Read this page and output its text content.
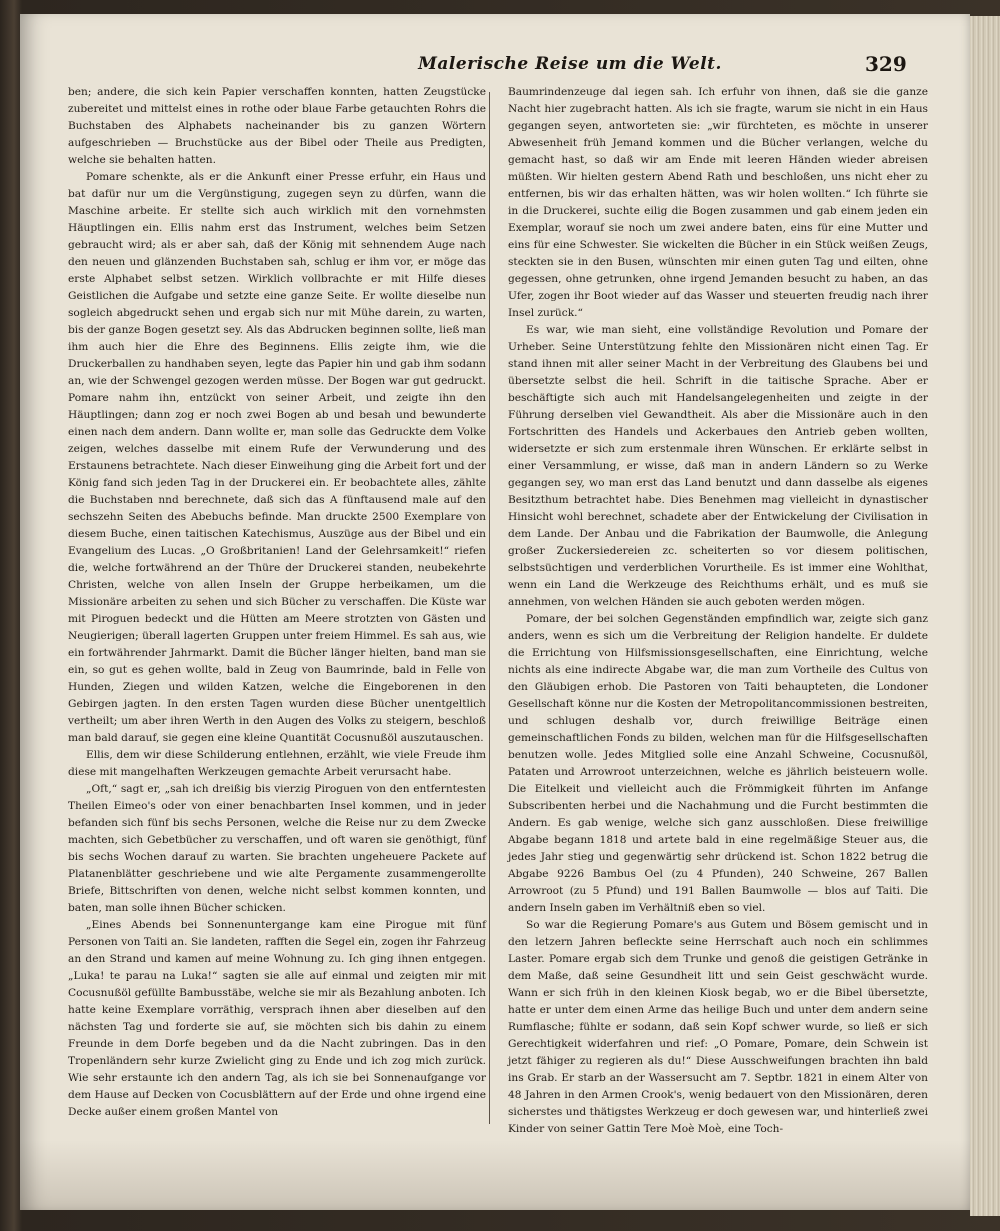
Malerische Reise um die Welt.	329

ben; andere, die sich kein Papier verschaffen konnten, hatten Zeugstücke zubereitet und mittelst eines in rothe oder blaue Farbe getauchten Rohrs die Buchstaben des Alphabets nacheinander bis zu ganzen Wörtern aufgeschrieben — Bruchstücke aus der Bibel oder Theile aus Predigten, welche sie behalten hatten.

Pomare schenkte, als er die Ankunft einer Presse erfuhr, ein Haus und bat dafür nur um die Vergünstigung, zugegen seyn zu dürfen, wann die Maschine arbeite. Er stellte sich auch wirklich mit den vornehmsten Häuptlingen ein. Ellis nahm erst das Instrument, welches beim Setzen gebraucht wird; als er aber sah, daß der König mit sehnendem Auge nach den neuen und glänzenden Buchstaben sah, schlug er ihm vor, er möge das erste Alphabet selbst setzen. Wirklich vollbrachte er mit Hilfe dieses Geistlichen die Aufgabe und setzte eine ganze Seite. Er wollte dieselbe nun sogleich abgedruckt sehen und ergab sich nur mit Mühe darein, zu warten, bis der ganze Bogen gesetzt sey. Als das Abdrucken beginnen sollte, ließ man ihm auch hier die Ehre des Beginnens. Ellis zeigte ihm, wie die Druckerballen zu handhaben seyen, legte das Papier hin und gab ihm sodann an, wie der Schwengel gezogen werden müsse. Der Bogen war gut gedruckt. Pomare nahm ihn, entzückt von seiner Arbeit, und zeigte ihn den Häuptlingen; dann zog er noch zwei Bogen ab und besah und bewunderte einen nach dem andern. Dann wollte er, man solle das Gedruckte dem Volke zeigen, welches dasselbe mit einem Rufe der Verwunderung und des Erstaunens betrachtete. Nach dieser Einweihung ging die Arbeit fort und der König fand sich jeden Tag in der Druckerei ein. Er beobachtete alles, zählte die Buchstaben nnd berechnete, daß sich das A fünftausend male auf den sechszehn Seiten des Abebuchs befinde. Man druckte 2500 Exemplare von diesem Buche, einen taitischen Katechismus, Auszüge aus der Bibel und ein Evangelium des Lucas. „O Großbritanien! Land der Gelehrsamkeit!“ riefen die, welche fortwährend an der Thüre der Druckerei standen, neubekehrte Christen, welche von allen Inseln der Gruppe herbeikamen, um die Missionäre arbeiten zu sehen und sich Bücher zu verschaffen. Die Küste war mit Piroguen bedeckt und die Hütten am Meere strotzten von Gästen und Neugierigen; überall lagerten Gruppen unter freiem Himmel. Es sah aus, wie ein fortwährender Jahrmarkt. Damit die Bücher länger hielten, band man sie ein, so gut es gehen wollte, bald in Zeug von Baumrinde, bald in Felle von Hunden, Ziegen und wilden Katzen, welche die Eingeborenen in den Gebirgen jagten. In den ersten Tagen wurden diese Bücher unentgeltlich vertheilt; um aber ihren Werth in den Augen des Volks zu steigern, beschloß man bald darauf, sie gegen eine kleine Quantität Cocusnußöl auszutauschen.

Ellis, dem wir diese Schilderung entlehnen, erzählt, wie viele Freude ihm diese mit mangelhaften Werkzeugen gemachte Arbeit verursacht habe.

„Oft,“ sagt er, „sah ich dreißig bis vierzig Piroguen von den entferntesten Theilen Eimeo's oder von einer benachbarten Insel kommen, und in jeder befanden sich fünf bis sechs Personen, welche die Reise nur zu dem Zwecke machten, sich Gebetbücher zu verschaffen, und oft waren sie genöthigt, fünf bis sechs Wochen darauf zu warten. Sie brachten ungeheuere Packete auf Platanenblätter geschriebene und wie alte Pergamente zusammengerollte Briefe, Bittschriften von denen, welche nicht selbst kommen konnten, und baten, man solle ihnen Bücher schicken.

„Eines Abends bei Sonnenuntergange kam eine Pirogue mit fünf Personen von Taiti an. Sie landeten, rafften die Segel ein, zogen ihr Fahrzeug an den Strand und kamen auf meine Wohnung zu. Ich ging ihnen entgegen. „Luka! te parau na Luka!“ sagten sie alle auf einmal und zeigten mir mit Cocusnußöl gefüllte Bambusstäbe, welche sie mir als Bezahlung anboten. Ich hatte keine Exemplare vorräthig, versprach ihnen aber dieselben auf den nächsten Tag und forderte sie auf, sie möchten sich bis dahin zu einem Freunde in dem Dorfe begeben und da die Nacht zubringen. Das in den Tropenländern sehr kurze Zwielicht ging zu Ende und ich zog mich zurück. Wie sehr erstaunte ich den andern Tag, als ich sie bei Sonnenaufgange vor dem Hause auf Decken von Cocusblättern auf der Erde und ohne irgend eine Decke außer einem großen Mantel von

Baumrindenzeuge dal iegen sah. Ich erfuhr von ihnen, daß sie die ganze Nacht hier zugebracht hatten. Als ich sie fragte, warum sie nicht in ein Haus gegangen seyen, antworteten sie: „wir fürchteten, es möchte in unserer Abwesenheit früh Jemand kommen und die Bücher verlangen, welche du gemacht hast, so daß wir am Ende mit leeren Händen wieder abreisen müßten. Wir hielten gestern Abend Rath und beschloßen, uns nicht eher zu entfernen, bis wir das erhalten hätten, was wir holen wollten.“ Ich führte sie in die Druckerei, suchte eilig die Bogen zusammen und gab einem jeden ein Exemplar, worauf sie noch um zwei andere baten, eins für eine Mutter und eins für eine Schwester. Sie wickelten die Bücher in ein Stück weißen Zeugs, steckten sie in den Busen, wünschten mir einen guten Tag und eilten, ohne gegessen, ohne getrunken, ohne irgend Jemanden besucht zu haben, an das Ufer, zogen ihr Boot wieder auf das Wasser und steuerten freudig nach ihrer Insel zurück.“

Es war, wie man sieht, eine vollständige Revolution und Pomare der Urheber. Seine Unterstützung fehlte den Missionären nicht einen Tag. Er stand ihnen mit aller seiner Macht in der Verbreitung des Glaubens bei und übersetzte selbst die heil. Schrift in die taitische Sprache. Aber er beschäftigte sich auch mit Handelsangelegenheiten und zeigte in der Führung derselben viel Gewandtheit. Als aber die Missionäre auch in den Fortschritten des Handels und Ackerbaues den Antrieb geben wollten, widersetzte er sich zum erstenmale ihren Wünschen. Er erklärte selbst in einer Versammlung, er wisse, daß man in andern Ländern so zu Werke gegangen sey, wo man erst das Land benutzt und dann dasselbe als eigenes Besitzthum betrachtet habe. Dies Benehmen mag vielleicht in dynastischer Hinsicht wohl berechnet, schadete aber der Entwickelung der Civilisation in dem Lande. Der Anbau und die Fabrikation der Baumwolle, die Anlegung großer Zuckersiedereien zc. scheiterten so vor diesem politischen, selbstsüchtigen und verderblichen Vorurtheile. Es ist immer eine Wohlthat, wenn ein Land die Werkzeuge des Reichthums erhält, und es muß sie annehmen, von welchen Händen sie auch geboten werden mögen.

Pomare, der bei solchen Gegenständen empfindlich war, zeigte sich ganz anders, wenn es sich um die Verbreitung der Religion handelte. Er duldete die Errichtung von Hilfsmissionsgesellschaften, eine Einrichtung, welche nichts als eine indirecte Abgabe war, die man zum Vortheile des Cultus von den Gläubigen erhob. Die Pastoren von Taiti behaupteten, die Londoner Gesellschaft könne nur die Kosten der Metropolitancommissionen bestreiten, und schlugen deshalb vor, durch freiwillige Beiträge einen gemeinschaftlichen Fonds zu bilden, welchen man für die Hilfsgesellschaften benutzen wolle. Jedes Mitglied solle eine Anzahl Schweine, Cocusnußöl, Pataten und Arrowroot unterzeichnen, welche es jährlich beisteuern wolle. Die Eitelkeit und vielleicht auch die Frömmigkeit führten im Anfange Subscribenten herbei und die Nachahmung und die Furcht bestimmten die Andern. Es gab wenige, welche sich ganz ausschloßen. Diese freiwillige Abgabe begann 1818 und artete bald in eine regelmäßige Steuer aus, die jedes Jahr stieg und gegenwärtig sehr drückend ist. Schon 1822 betrug die Abgabe 9226 Bambus Oel (zu 4 Pfunden), 240 Schweine, 267 Ballen Arrowroot (zu 5 Pfund) und 191 Ballen Baumwolle — blos auf Taiti. Die andern Inseln gaben im Verhältniß eben so viel.

So war die Regierung Pomare's aus Gutem und Bösem gemischt und in den letzern Jahren befleckte seine Herrschaft auch noch ein schlimmes Laster. Pomare ergab sich dem Trunke und genoß die geistigen Getränke in dem Maße, daß seine Gesundheit litt und sein Geist geschwächt wurde. Wann er sich früh in den kleinen Kiosk begab, wo er die Bibel übersetzte, hatte er unter dem einen Arme das heilige Buch und unter dem andern seine Rumflasche; fühlte er sodann, daß sein Kopf schwer wurde, so ließ er sich Gerechtigkeit widerfahren und rief: „O Pomare, Pomare, dein Schwein ist jetzt fähiger zu regieren als du!“ Diese Ausschweifungen brachten ihn bald ins Grab. Er starb an der Wassersucht am 7. Septbr. 1821 in einem Alter von 48 Jahren in den Armen Crook's, wenig bedauert von den Missionären, deren sicherstes und thätigstes Werkzeug er doch gewesen war, und hinterließ zwei Kinder von seiner Gattin Tere Moè Moè, eine Toch-
